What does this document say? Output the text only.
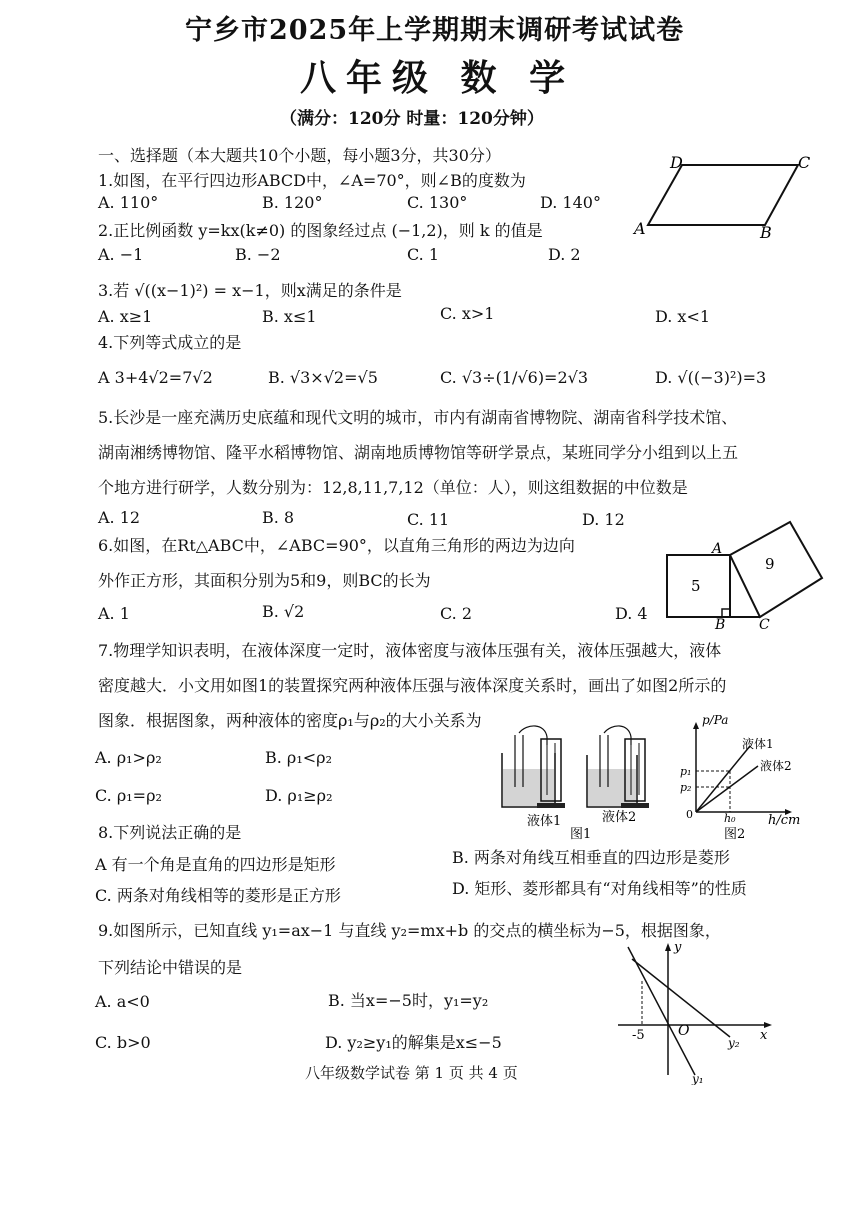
宁乡市2025年上学期期末调研考试试卷
八年级 数 学
（满分：120分 时量：120分钟）
一、选择题（本大题共10个小题，每小题3分，共30分）
1.如图，在平行四边形ABCD中，∠A=70°，则∠B的度数为
A. 110°	B. 120°	C. 130°	D. 140°
A	B
C
D
2.正比例函数 y=kx(k≠0) 的图象经过点 (−1,2)，则 k 的值是
A. −1	B. −2	C. 1	D. 2
3.若 √((x−1)²) = x−1，则x满足的条件是
A. x≥1	B. x≤1	C. x>1	D. x<1
4.下列等式成立的是
A 3+4√2=7√2	B. √3×√2=√5	C. √3÷(1/√6)=2√3	D. √((−3)²)=3
5.长沙是一座充满历史底蕴和现代文明的城市，市内有湖南省博物院、湖南省科学技术馆、
湖南湘绣博物馆、隆平水稻博物馆、湖南地质博物馆等研学景点，某班同学分小组到以上五
个地方进行研学，人数分别为：12,8,11,7,12（单位：人），则这组数据的中位数是
A. 12	B. 8	C. 11	D. 12
6.如图，在Rt△ABC中，∠ABC=90°，以直角三角形的两边为边向
外作正方形，其面积分别为5和9，则BC的长为
A. 1	B. √2	C. 2	D. 4
5
9
A
B C
7.物理学知识表明，在液体深度一定时，液体密度与液体压强有关，液体压强越大，液体
密度越大．小文用如图1的装置探究两种液体压强与液体深度关系时，画出了如图2所示的
图象．根据图象，两种液体的密度ρ₁与ρ₂的大小关系为
A. ρ₁>ρ₂	B. ρ₁<ρ₂
C. ρ₁=ρ₂	D. ρ₁≥ρ₂
液体1	液体2
图1
p/Pa
h/cm
液体1
液体2
p₁
p₂
0	h₀
图2
8.下列说法正确的是
A 有一个角是直角的四边形是矩形	B. 两条对角线互相垂直的四边形是菱形
C. 两条对角线相等的菱形是正方形	D. 矩形、菱形都具有“对角线相等”的性质
9.如图所示，已知直线 y₁=ax−1 与直线 y₂=mx+b 的交点的横坐标为−5，根据图象，
下列结论中错误的是
A. a<0	B. 当x=−5时，y₁=y₂
C. b>0	D. y₂≥y₁的解集是x≤−5
y
x
O
-5
y₁
y₂
八年级数学试卷 第 1 页 共 4 页
